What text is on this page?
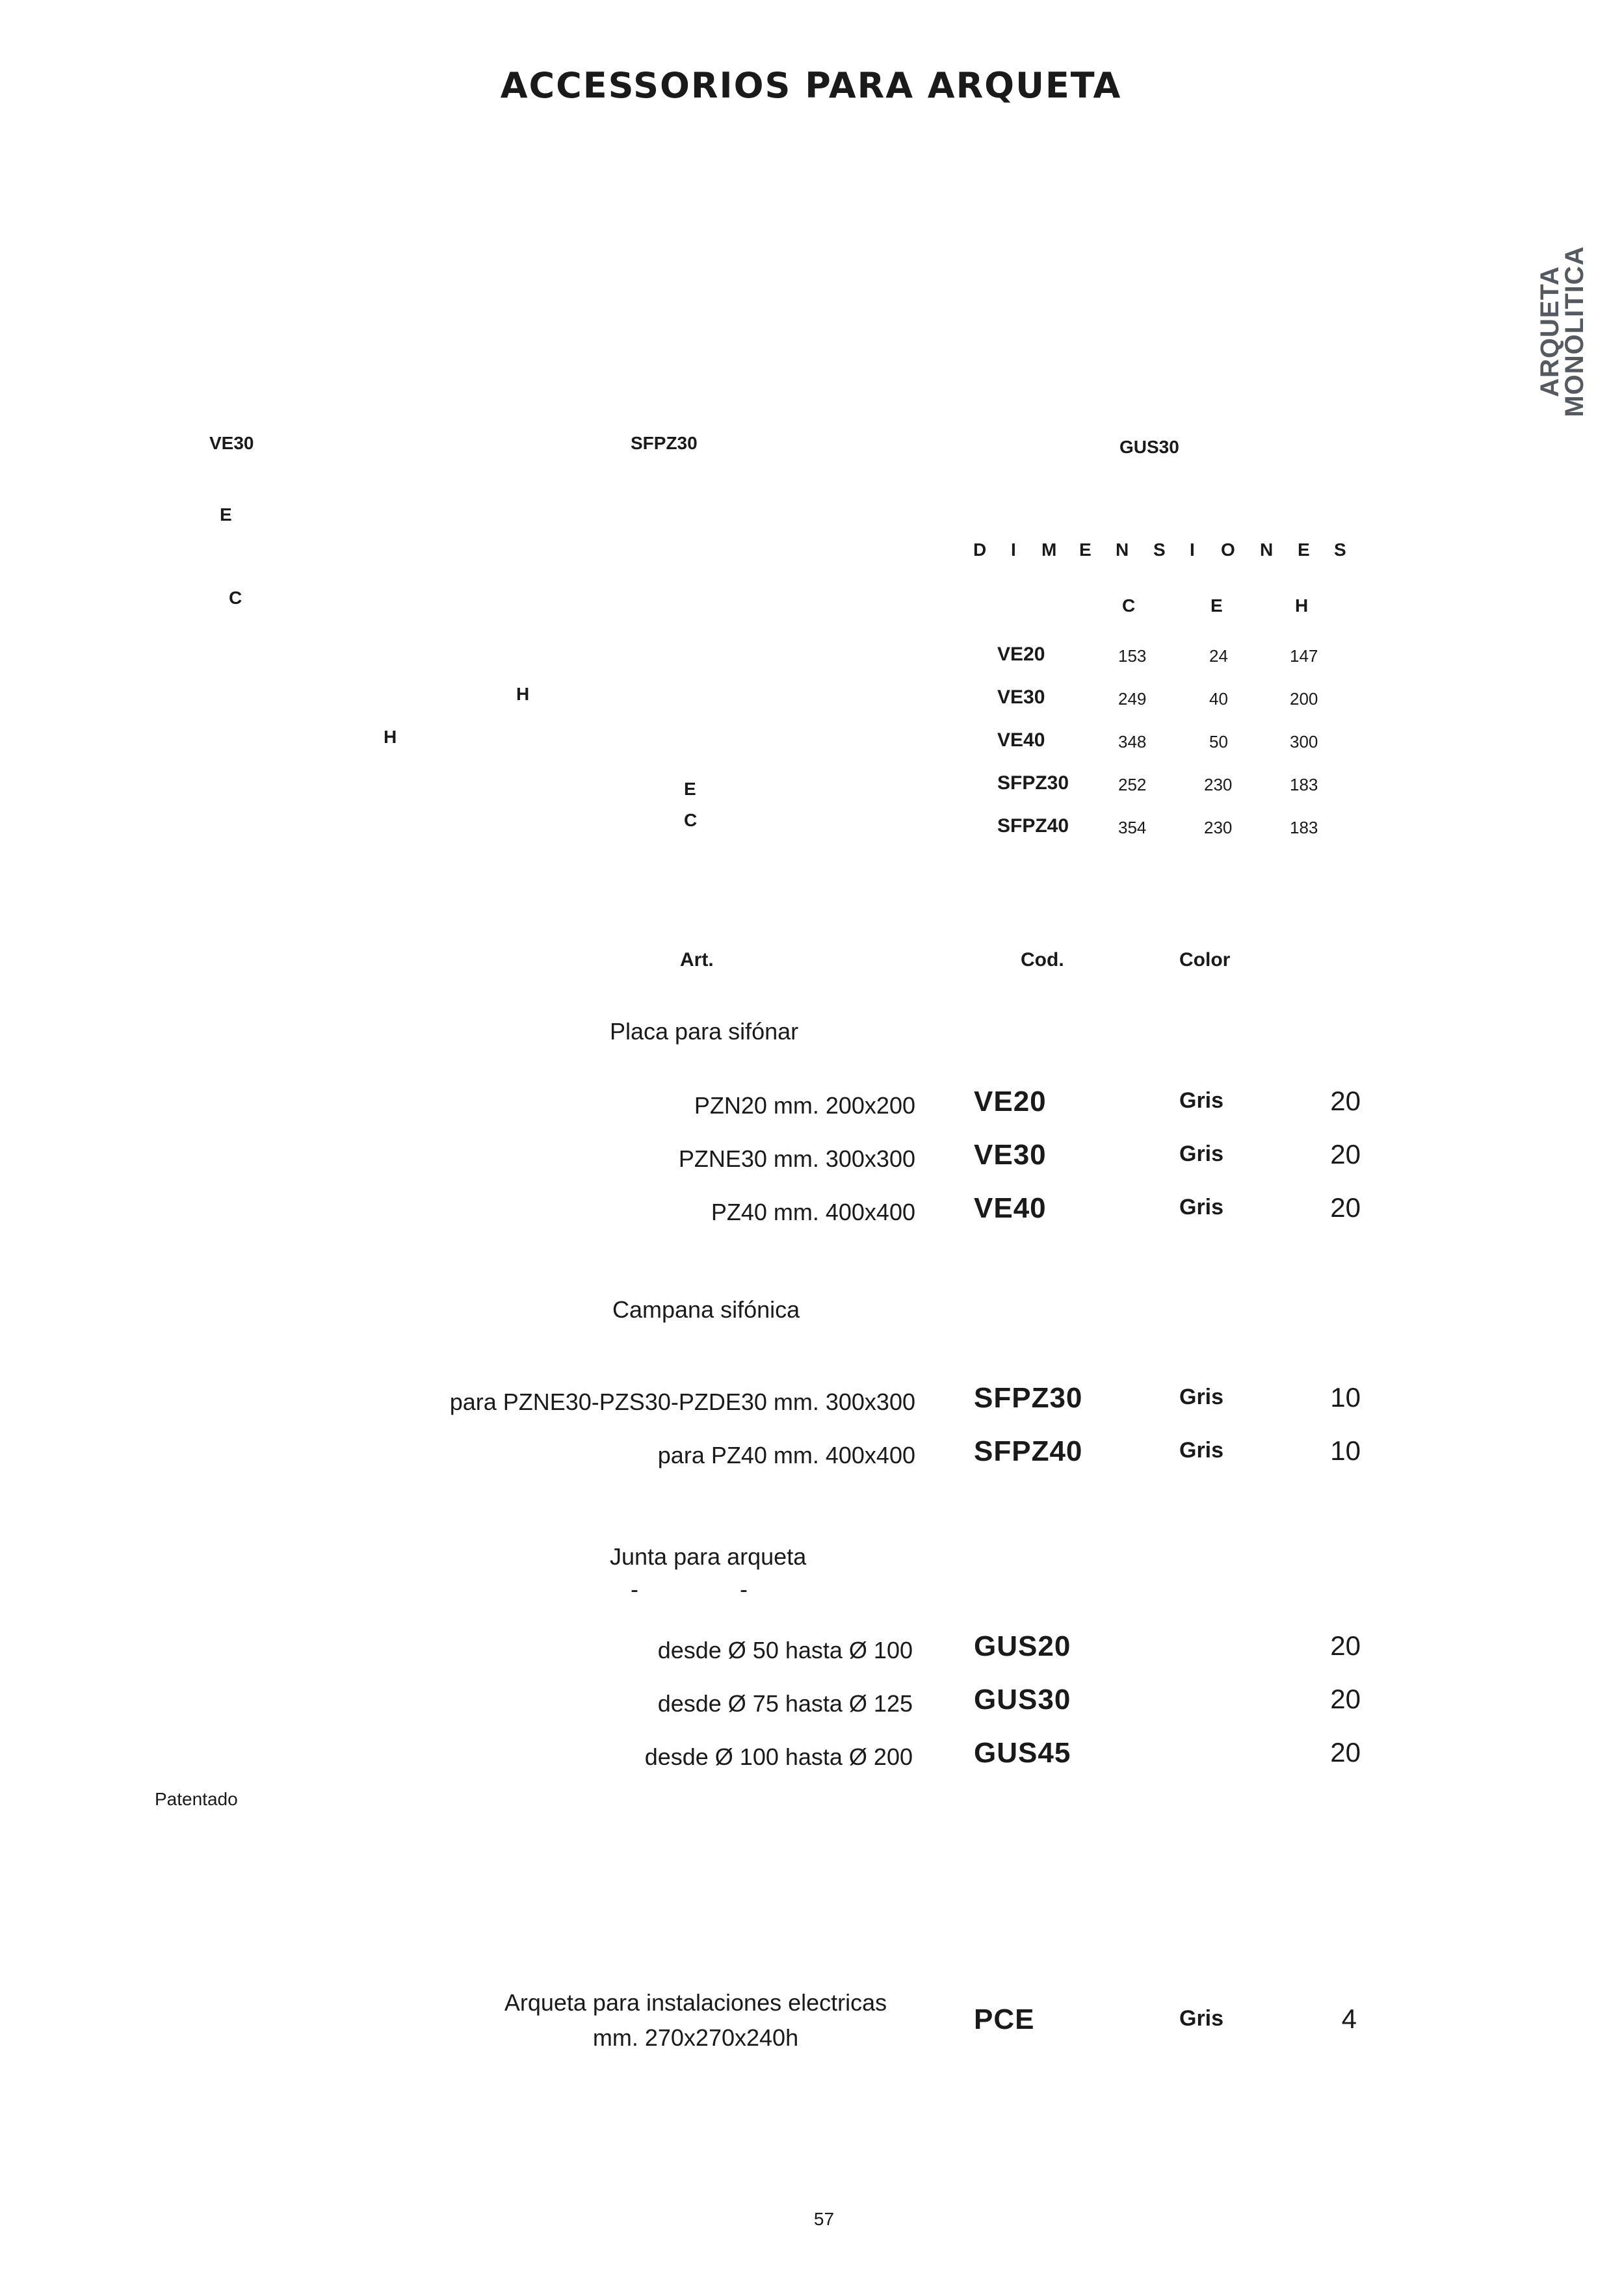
ACCESSORIOS PARA ARQUETA
ARQUETA
MONOLITICA
VE30	SFPZ30	GUS30
E
C
H
H
E
C
D I M E N S I O N E S
C	E	H
VE20	153	24	147
VE30	249	40	200
VE40	348	50	300
SFPZ30	252	230	183
SFPZ40	354	230	183
Art.	Cod.	Color
Placa para sifónar
PZN20 mm. 200x200 VE20	Gris	20
PZNE30 mm. 300x300 VE30	Gris	20
PZ40 mm. 400x400 VE40	Gris	20
Campana sifónica
para PZNE30-PZS30-PZDE30 mm. 300x300 SFPZ30	Gris	10
para PZ40 mm. 400x400 SFPZ40	Gris	10
Junta para arqueta
-	-
desde Ø 50 hasta Ø 100 GUS20	20
desde Ø 75 hasta Ø 125 GUS30	20
desde Ø 100 hasta Ø 200 GUS45	20
Patentado
Arqueta para instalaciones electricas
mm. 270x270x240h
PCE	Gris	4
57
